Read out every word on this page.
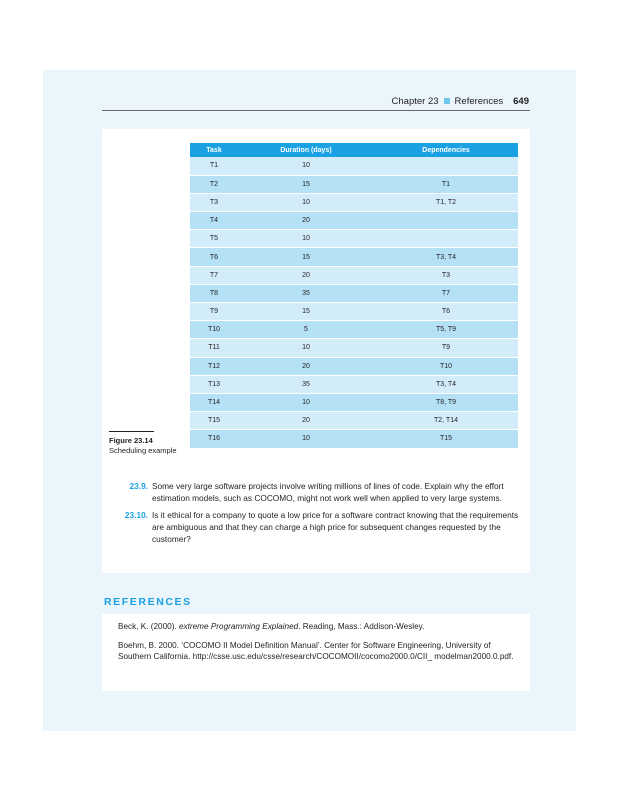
Chapter 23 References 649
Figure 23.14
Scheduling example
Task	Duration (days)	Dependencies
T1	10	
T2	15	T1
T3	10	T1, T2
T4	20	
T5	10	
T6	15	T3, T4
T7	20	T3
T8	35	T7
T9	15	T6
T10	5	T5, T9
T11	10	T9
T12	20	T10
T13	35	T3, T4
T14	10	T8, T9
T15	20	T2, T14
T16	10	T15
23.9. Some very large software projects involve writing millions of lines of code. Explain why the effort estimation models, such as COCOMO, might not work well when applied to very large systems.
23.10. Is it ethical for a company to quote a low price for a software contract knowing that the requirements are ambiguous and that they can charge a high price for subsequent changes requested by the customer?
REFERENCES
Beck, K. (2000). extreme Programming Explained. Reading, Mass.: Addison-Wesley.
Boehm, B. 2000. ‘COCOMO II Model Definition Manual’. Center for Software Engineering, University of Southern California. http://csse.usc.edu/csse/research/COCOMOII/cocomo2000.0/CII_ modelman2000.0.pdf.
